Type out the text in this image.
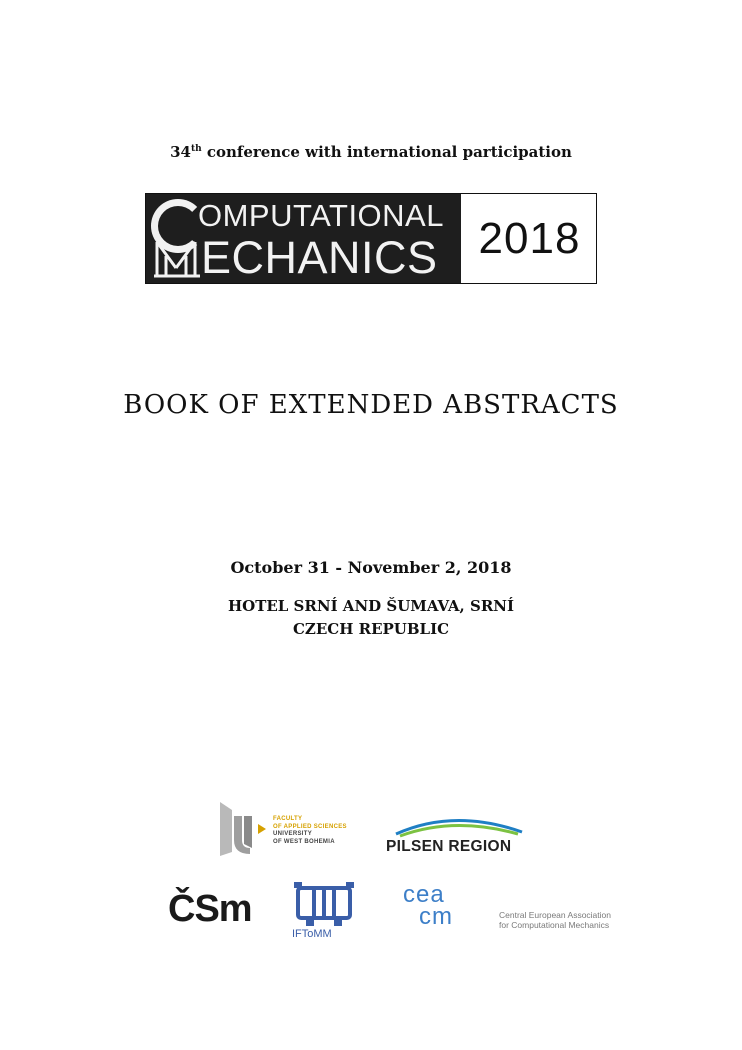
34th conference with international participation
OMPUTATIONAL
ECHANICS 2018
BOOK OF EXTENDED ABSTRACTS
October 31 - November 2, 2018
HOTEL SRNÍ AND ŠUMAVA, SRNÍ
CZECH REPUBLIC
FACULTY
OF APPLIED SCIENCES
UNIVERSITY
OF WEST BOHEMIA	PILSEN REGION
ČSm
IFToMM
cea
cm	Central European Association
for Computational Mechanics
